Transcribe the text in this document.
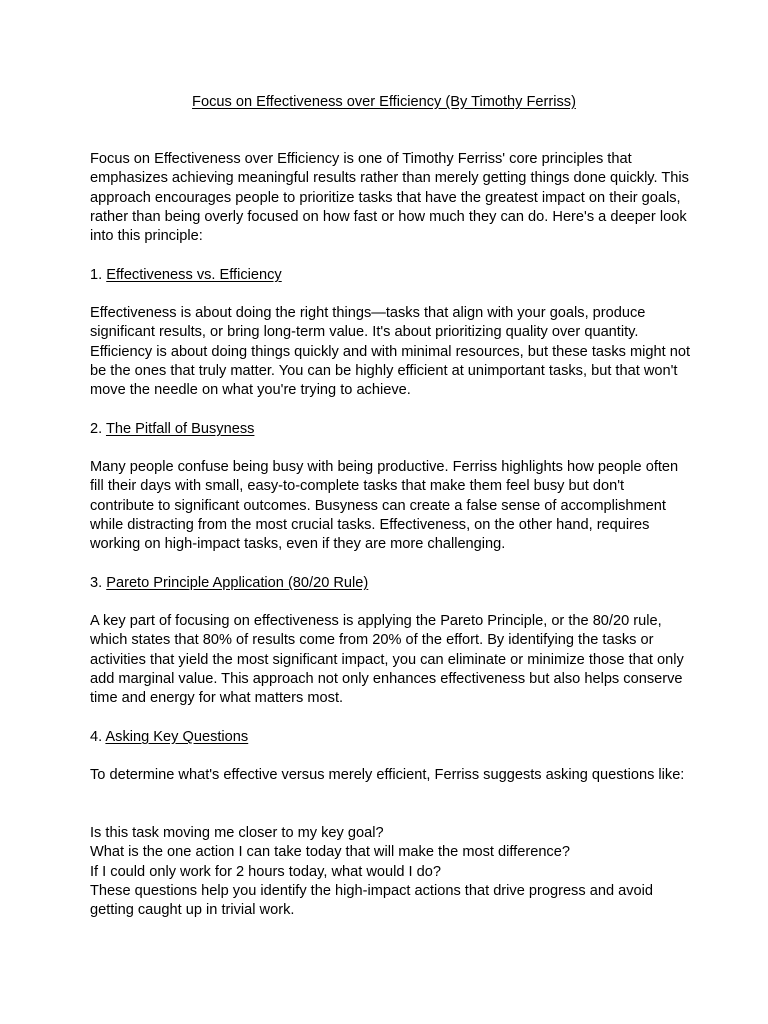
Focus on Effectiveness over Efficiency (By Timothy Ferriss)

Focus on Effectiveness over Efficiency is one of Timothy Ferriss' core principles that emphasizes achieving meaningful results rather than merely getting things done quickly. This approach encourages people to prioritize tasks that have the greatest impact on their goals, rather than being overly focused on how fast or how much they can do. Here's a deeper look into this principle:

1. Effectiveness vs. Efficiency

Effectiveness is about doing the right things—tasks that align with your goals, produce significant results, or bring long-term value. It's about prioritizing quality over quantity. Efficiency is about doing things quickly and with minimal resources, but these tasks might not be the ones that truly matter. You can be highly efficient at unimportant tasks, but that won't move the needle on what you're trying to achieve.

2. The Pitfall of Busyness

Many people confuse being busy with being productive. Ferriss highlights how people often fill their days with small, easy-to-complete tasks that make them feel busy but don't contribute to significant outcomes. Busyness can create a false sense of accomplishment while distracting from the most crucial tasks. Effectiveness, on the other hand, requires working on high-impact tasks, even if they are more challenging.

3. Pareto Principle Application (80/20 Rule)

A key part of focusing on effectiveness is applying the Pareto Principle, or the 80/20 rule, which states that 80% of results come from 20% of the effort. By identifying the tasks or activities that yield the most significant impact, you can eliminate or minimize those that only add marginal value. This approach not only enhances effectiveness but also helps conserve time and energy for what matters most.

4. Asking Key Questions

To determine what's effective versus merely efficient, Ferriss suggests asking questions like:

Is this task moving me closer to my key goal?
What is the one action I can take today that will make the most difference?
If I could only work for 2 hours today, what would I do?
These questions help you identify the high-impact actions that drive progress and avoid getting caught up in trivial work.
